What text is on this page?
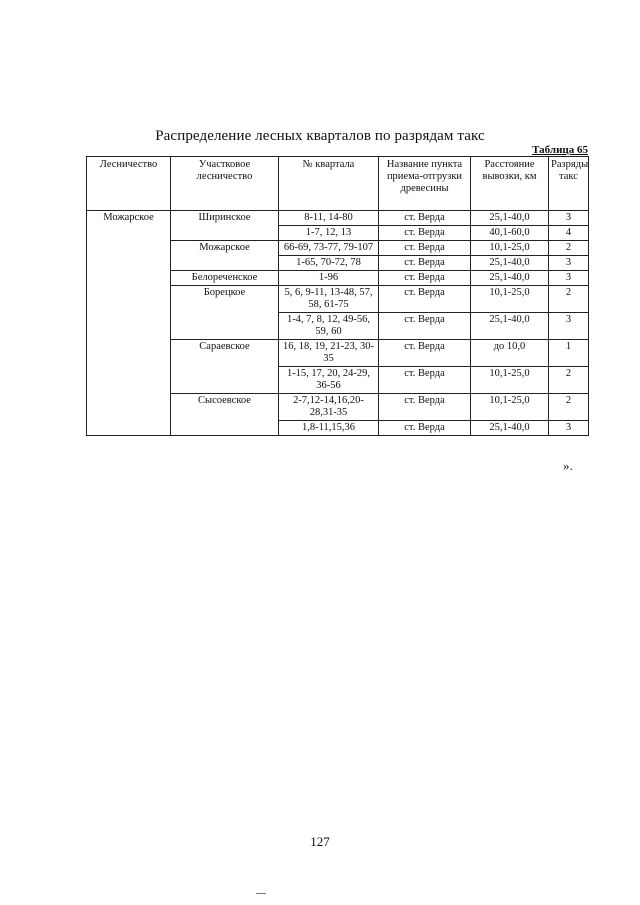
Распределение лесных кварталов по разрядам такс
Таблица 65
Лесничество	Участковое лесничество	№ квартала	Название пункта приема-отгрузки древесины	Расстояние вывозки, км	Разряды такс
Можарское	Ширинское	8-11, 14-80	ст. Верда	25,1-40,0	3
		1-7, 12, 13	ст. Верда	40,1-60,0	4
	Можарское	66-69, 73-77, 79-107	ст. Верда	10,1-25,0	2
		1-65, 70-72, 78	ст. Верда	25,1-40,0	3
	Белореченское	1-96	ст. Верда	25,1-40,0	3
	Борецкое	5, 6, 9-11, 13-48, 57, 58, 61-75	ст. Верда	10,1-25,0	2
		1-4, 7, 8, 12, 49-56, 59, 60	ст. Верда	25,1-40,0	3
	Сараевское	16, 18, 19, 21-23, 30-35	ст. Верда	до 10,0	1
		1-15, 17, 20, 24-29, 36-56	ст. Верда	10,1-25,0	2
	Сысоевское	2-7,12-14,16,20-28,31-35	ст. Верда	10,1-25,0	2
		1,8-11,15,36	ст. Верда	25,1-40,0	3
».
127
